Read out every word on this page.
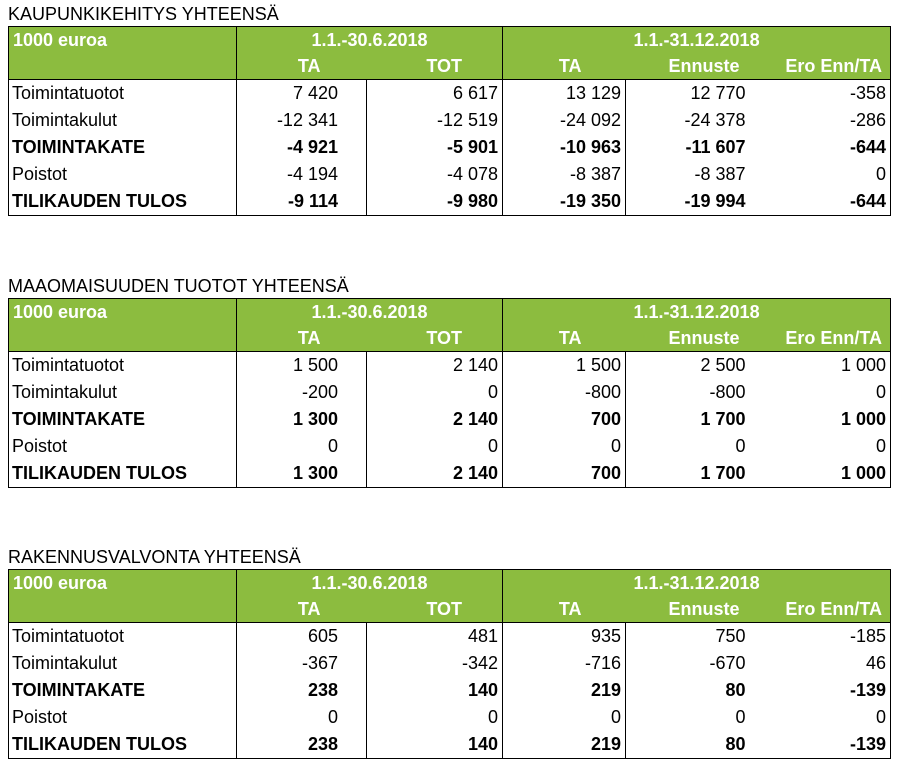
KAUPUNKIKEHITYS YHTEENSÄ
1000 euroa	1.1.-30.6.2018		1.1.-31.12.2018		
	TA	TOT	TA	Ennuste	Ero Enn/TA
Toimintatuotot	7 420	6 617	13 129	12 770	-358
Toimintakulut	-12 341	-12 519	-24 092	-24 378	-286
TOIMINTAKATE	-4 921	-5 901	-10 963	-11 607	-644
Poistot	-4 194	-4 078	-8 387	-8 387	0
TILIKAUDEN TULOS	-9 114	-9 980	-19 350	-19 994	-644
MAAOMAISUUDEN TUOTOT YHTEENSÄ
1000 euroa	1.1.-30.6.2018		1.1.-31.12.2018		
	TA	TOT	TA	Ennuste	Ero Enn/TA
Toimintatuotot	1 500	2 140	1 500	2 500	1 000
Toimintakulut	-200	0	-800	-800	0
TOIMINTAKATE	1 300	2 140	700	1 700	1 000
Poistot	0	0	0	0	0
TILIKAUDEN TULOS	1 300	2 140	700	1 700	1 000
RAKENNUSVALVONTA YHTEENSÄ
1000 euroa	1.1.-30.6.2018		1.1.-31.12.2018		
	TA	TOT	TA	Ennuste	Ero Enn/TA
Toimintatuotot	605	481	935	750	-185
Toimintakulut	-367	-342	-716	-670	46
TOIMINTAKATE	238	140	219	80	-139
Poistot	0	0	0	0	0
TILIKAUDEN TULOS	238	140	219	80	-139
